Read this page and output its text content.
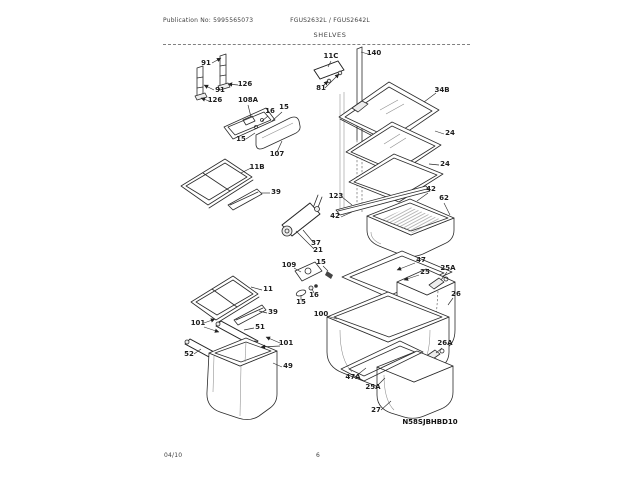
Publication No: 5995565073	FGUS2632L / FGUS2642L
SHELVES
04/10	6
91
126
91
126 108A
16 15
15
107
11B
39
11C	140
81	34B
24
24
123
42
42
62
37
21
109	15
16
15
100
47
25 25A
26
26A
11
39
101	51
101
52
49
47A
25A
27
N58SJBHBD10
